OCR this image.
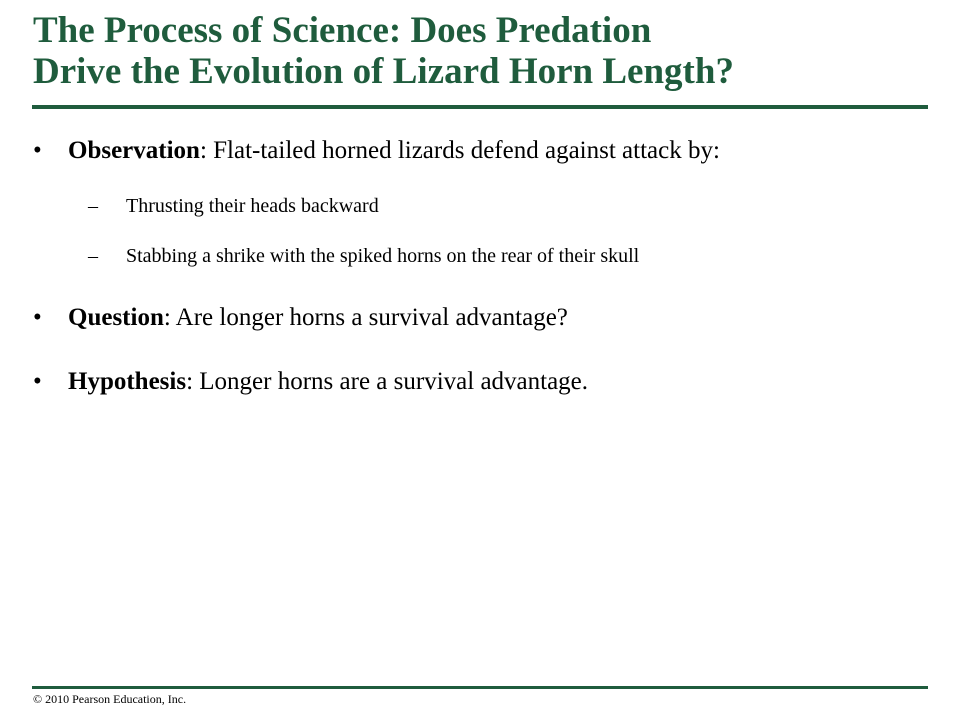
The Process of Science: Does Predation
Drive the Evolution of Lizard Horn Length?
• Observation: Flat-tailed horned lizards defend against attack by:
– Thrusting their heads backward
– Stabbing a shrike with the spiked horns on the rear of their skull
• Question: Are longer horns a survival advantage?
• Hypothesis: Longer horns are a survival advantage.
© 2010 Pearson Education, Inc.
